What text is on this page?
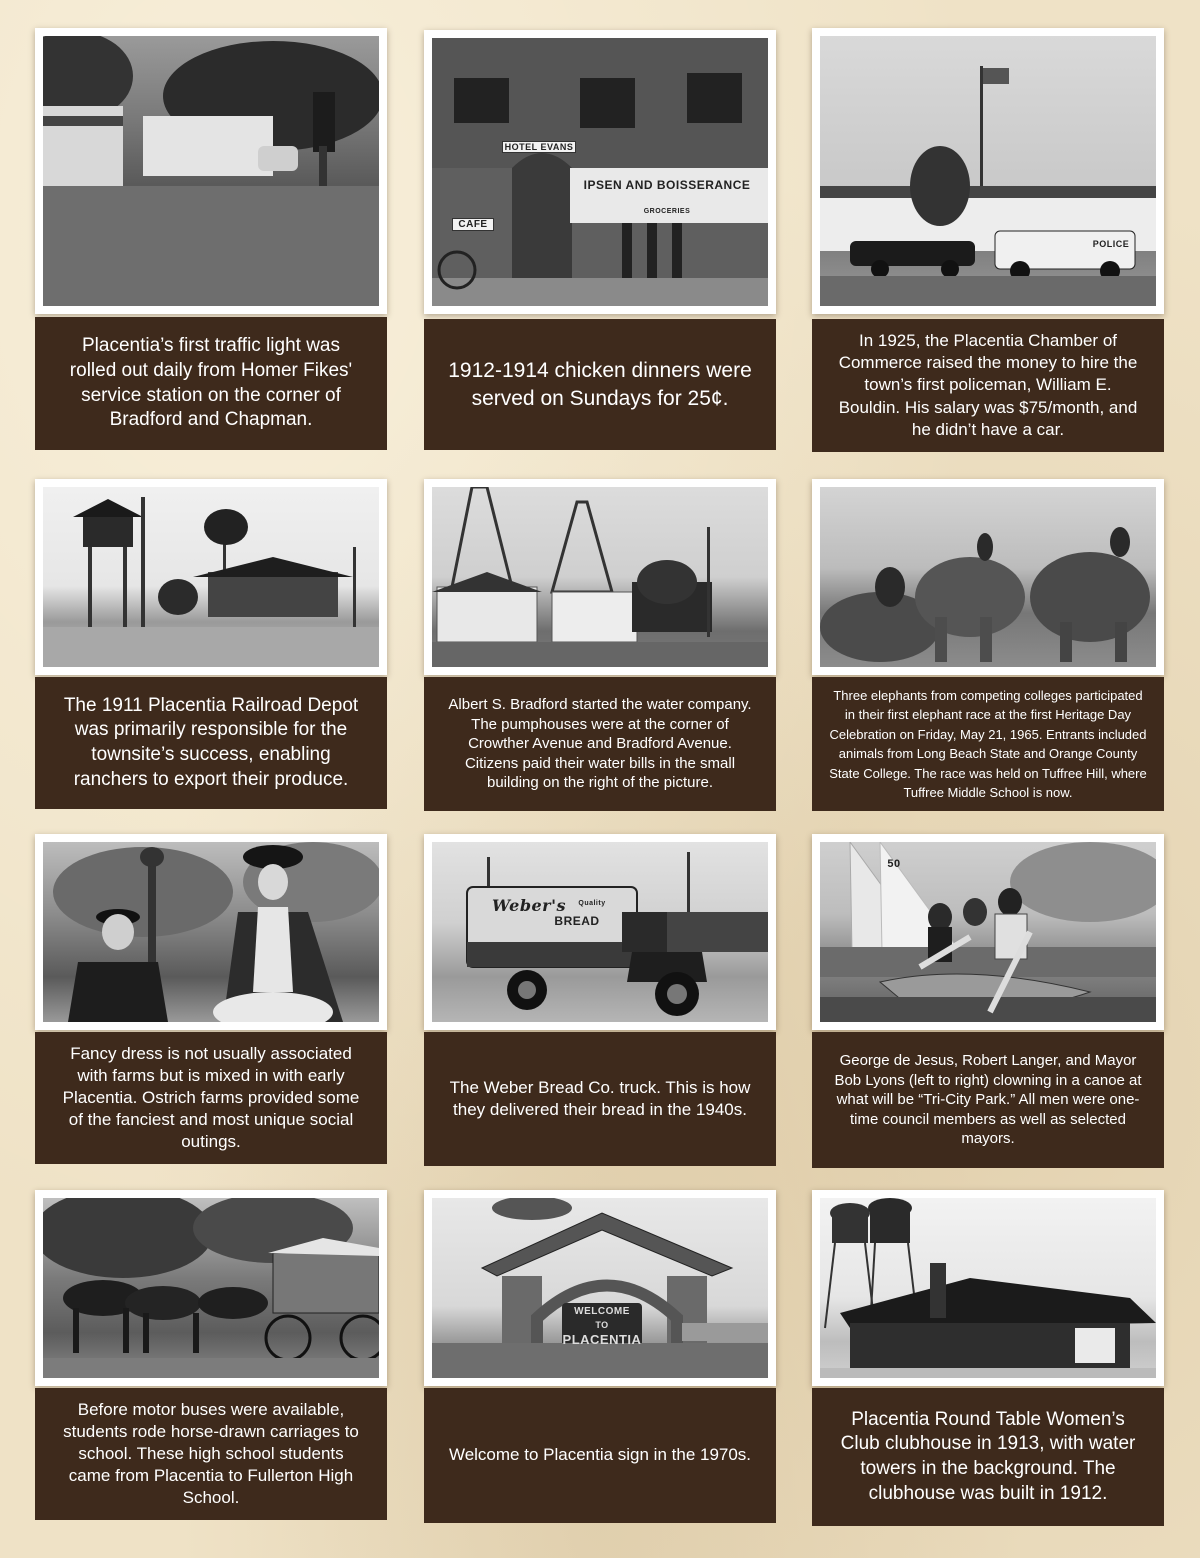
Placentia’s first traffic light was rolled out daily from Homer Fikes' service station on the corner of Bradford and Chapman.
HOTEL EVANS
IPSEN AND BOISSERANCE
GROCERIES
CAFE
1912-1914 chicken dinners were served on Sundays for 25¢.
POLICE
In 1925, the Placentia Chamber of Commerce raised the money to hire the town’s first policeman, William E. Bouldin. His salary was $75/month, and he didn’t have a car.
The 1911 Placentia Railroad Depot was primarily responsible for the townsite’s success, enabling ranchers to export their produce.
Albert S. Bradford started the water company. The pumphouses were at the corner of Crowther Avenue and Bradford Avenue. Citizens paid their water bills in the small building on the right of the picture.
Three elephants from competing colleges participated in their first elephant race at the first Heritage Day Celebration on Friday, May 21, 1965. Entrants included animals from Long Beach State and Orange County State College. The race was held on Tuffree Hill, where Tuffree Middle School is now.
Fancy dress is not usually associated with farms but is mixed in with early Placentia. Ostrich farms provided some of the fanciest and most unique social outings.
Weber's	Quality
BREAD
The Weber Bread Co. truck. This is how they delivered their bread in the 1940s.
50
George de Jesus, Robert Langer, and Mayor Bob Lyons (left to right) clowning in a canoe at what will be “Tri-City Park.” All men were one-time council members as well as selected mayors.
Before motor buses were available, students rode horse-drawn carriages to school. These high school students came from Placentia to Fullerton High School.
WELCOME
TO
PLACENTIA
Welcome to Placentia sign in the 1970s.
Placentia Round Table Women’s Club clubhouse in 1913, with water towers in the background. The clubhouse was built in 1912.
